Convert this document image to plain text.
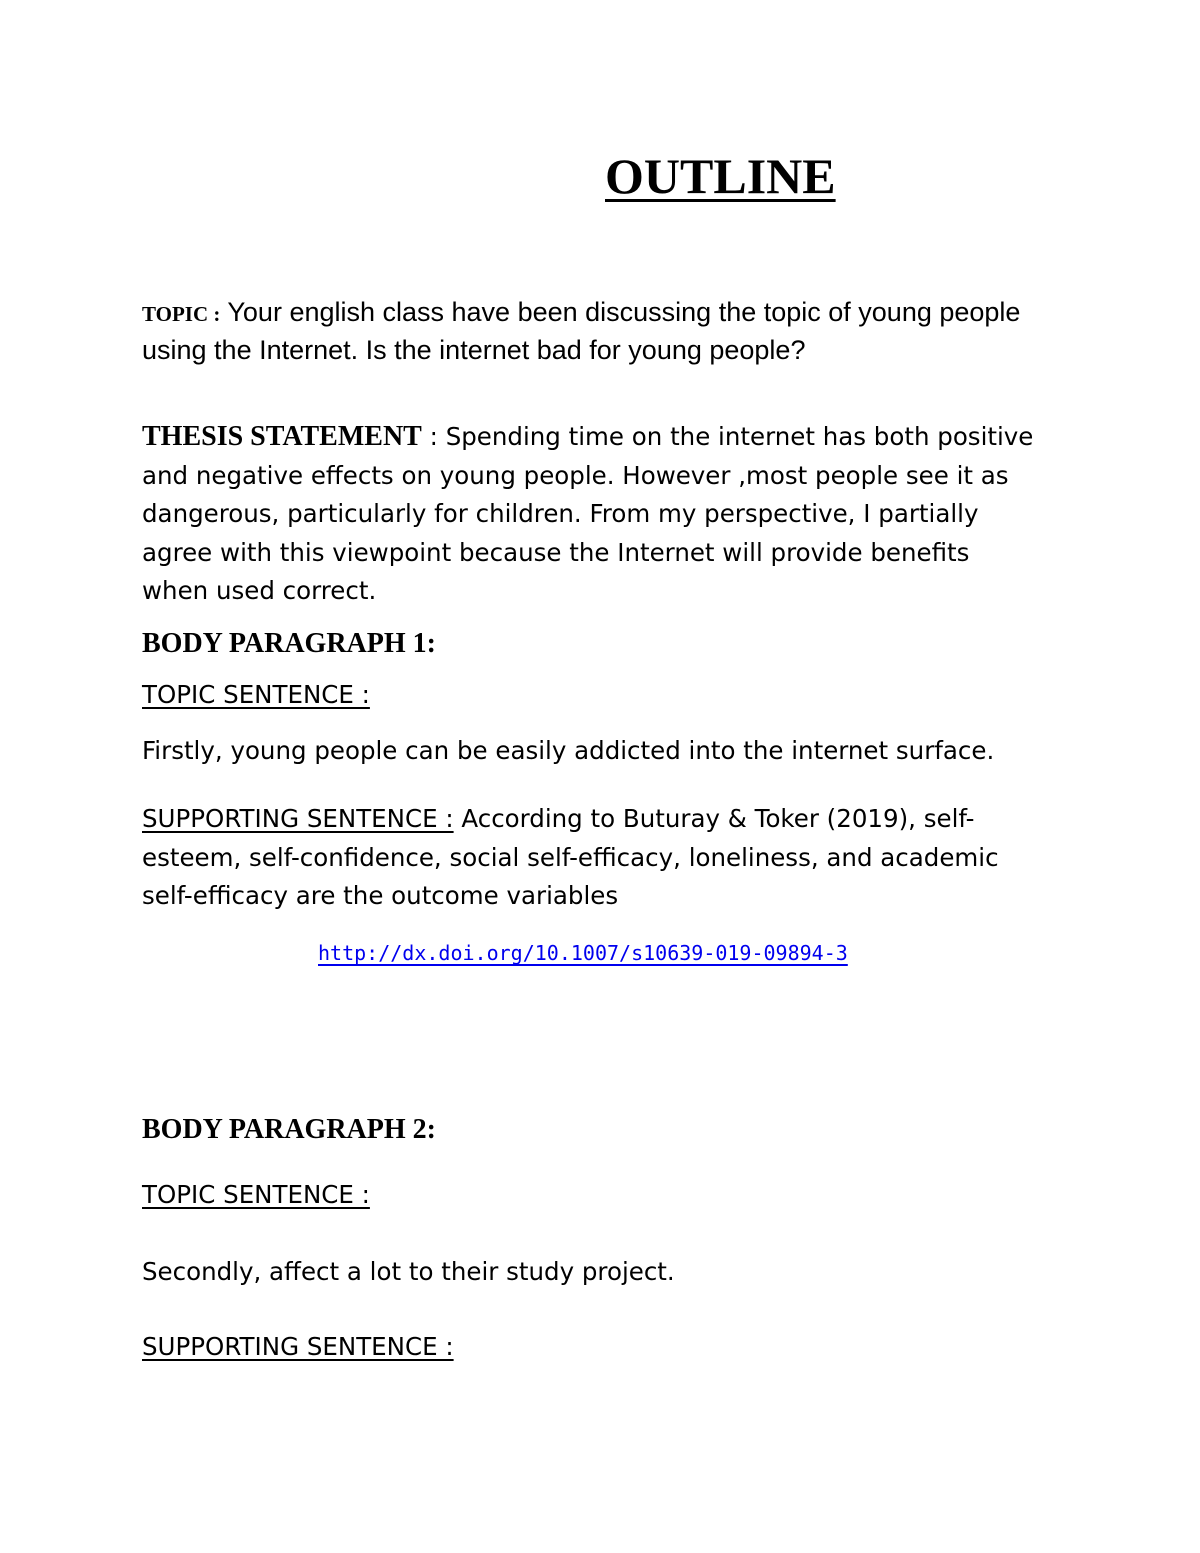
OUTLINE

TOPIC : Your english class have been discussing the topic of young people using the Internet. Is the internet bad for young people?

THESIS STATEMENT : Spending time on the internet has both positive and negative effects on young people. However ,most people see it as dangerous, particularly for children. From my perspective, I partially agree with this viewpoint because the Internet will provide benefits when used correct.

BODY PARAGRAPH 1:

TOPIC SENTENCE :

Firstly, young people can be easily addicted into the internet surface.

SUPPORTING SENTENCE : According to Buturay & Toker (2019), self-esteem, self-confidence, social self-efficacy, loneliness, and academic self-efficacy are the outcome variables

http://dx.doi.org/10.1007/s10639-019-09894-3

BODY PARAGRAPH 2:

TOPIC SENTENCE :

Secondly, affect a lot to their study project.

SUPPORTING SENTENCE :
